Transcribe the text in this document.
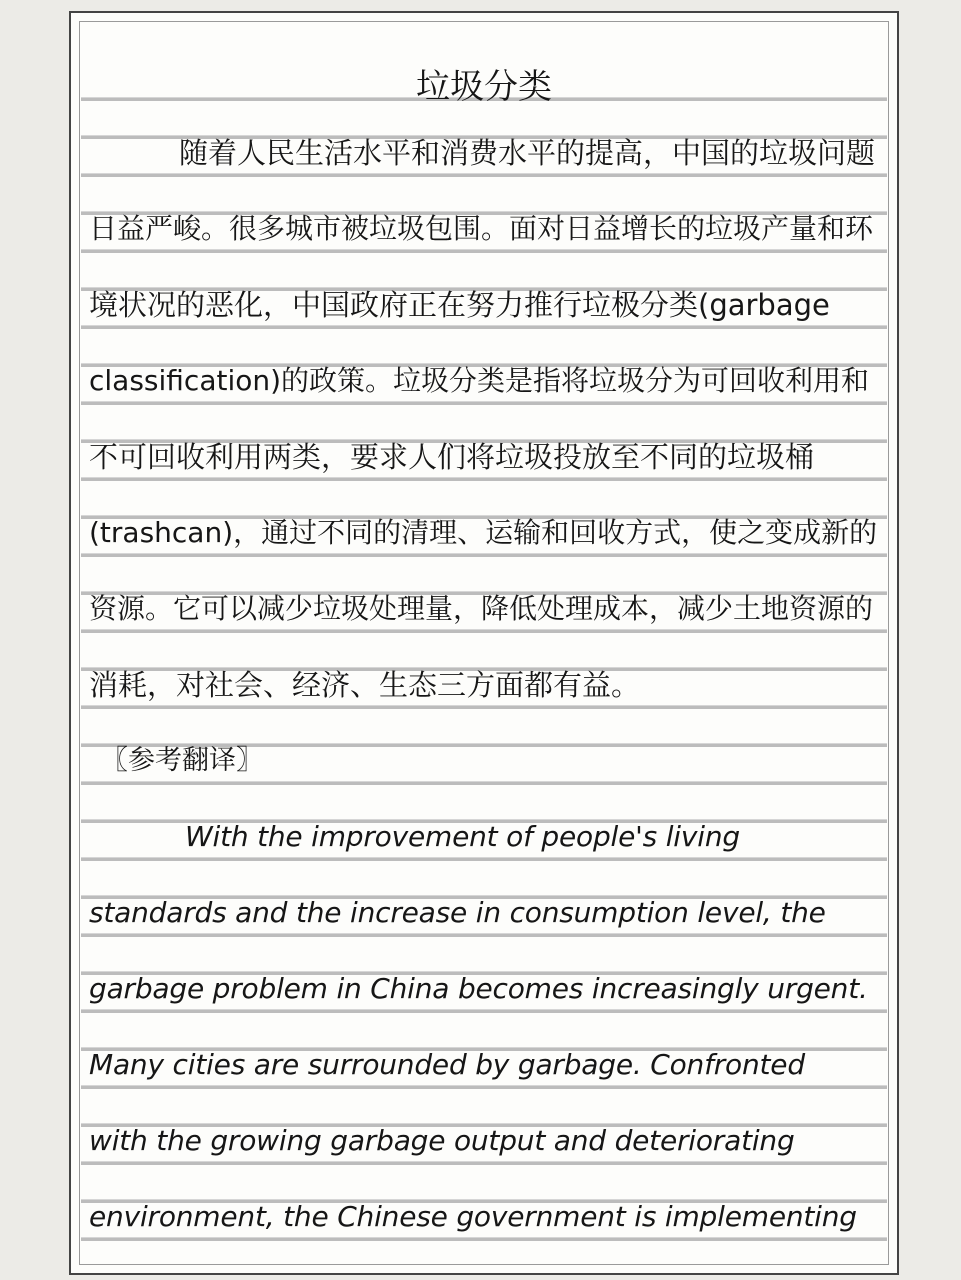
垃圾分类
随着人民生活水平和消费水平的提高，中国的垃圾问题
日益严峻。很多城市被垃圾包围。面对日益增长的垃圾产量和环
境状况的恶化，中国政府正在努力推行垃极分类(garbage
classification)的政策。垃圾分类是指将垃圾分为可回收利用和
不可回收利用两类，要求人们将垃圾投放至不同的垃圾桶
(trashcan)，通过不同的清理、运输和回收方式，使之变成新的
资源。它可以减少垃圾处理量，降低处理成本，减少土地资源的
消耗，对社会、经济、生态三方面都有益。
〖参考翻译〗
With the improvement of people's living
standards and the increase in consumption level, the
garbage problem in China becomes increasingly urgent.
Many cities are surrounded by garbage. Confronted
with the growing garbage output and deteriorating
environment, the Chinese government is implementing
